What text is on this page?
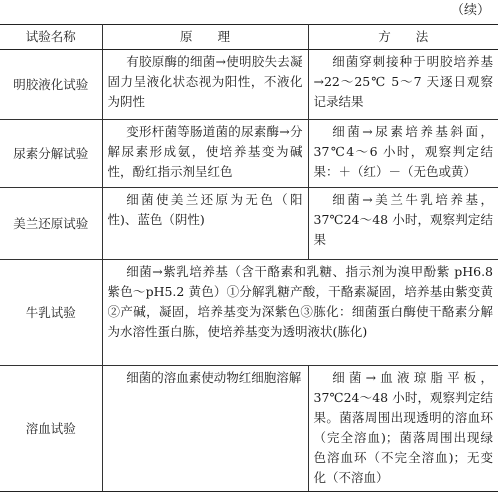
（续）
试验名称	原　　理	方　　法
明胶液化试验	有胶原酶的细菌→使明胶失去凝固力呈液化状态视为阳性，不液化为阴性	细菌穿刺接种于明胶培养基→22～25℃ 5～7 天逐日观察记录结果
尿素分解试验	变形杆菌等肠道菌的尿素酶→分解尿素形成氨，使培养基变为碱性，酚红指示剂呈红色	细菌→尿素培养基斜面，37℃4～6 小时，观察判定结果：＋（红）－（无色或黄）
美兰还原试验	细菌使美兰还原为无色（阳性)、蓝色（阴性)	细菌→美兰牛乳培养基，37℃24～48 小时，观察判定结果
牛乳试验	细菌→紫乳培养基（含干酪素和乳糖、指示剂为溴甲酚紫 pH6.8 紫色～pH5.2 黄色）①分解乳糖产酸，干酪素凝固，培养基由紫变黄②产碱，凝固，培养基变为深紫色③胨化：细菌蛋白酶使干酪素分解为水溶性蛋白胨，使培养基变为透明液状(胨化)	
溶血试验	细菌的溶血素使动物红细胞溶解	细菌→血液琼脂平板，37℃24～48 小时，观察判定结果。菌落周围出现透明的溶血环（完全溶血)；菌落周围出现绿色溶血环（不完全溶血)；无变化（不溶血）
